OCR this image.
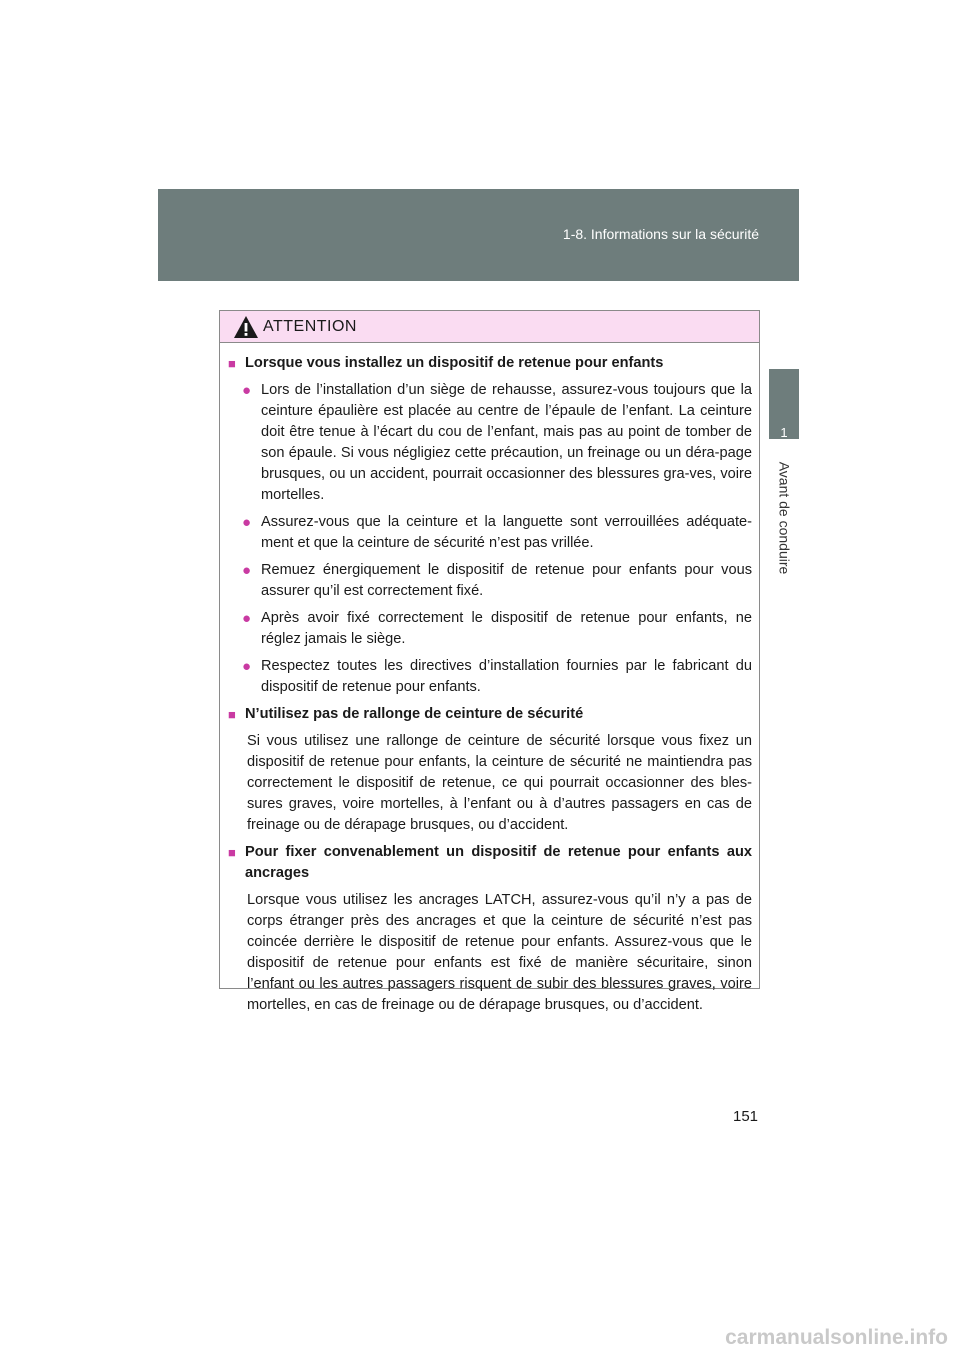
1-8. Informations sur la sécurité
1
Avant de conduire
ATTENTION
■ Lorsque vous installez un dispositif de retenue pour enfants
● Lors de l’installation d’un siège de rehausse, assurez-vous toujours que la ceinture épaulière est placée au centre de l’épaule de l’enfant. La ceinture doit être tenue à l’écart du cou de l’enfant, mais pas au point de tomber de son épaule. Si vous négligiez cette précaution, un freinage ou un déra-page brusques, ou un accident, pourrait occasionner des blessures gra-ves, voire mortelles.
● Assurez-vous que la ceinture et la languette sont verrouillées adéquate-ment et que la ceinture de sécurité n’est pas vrillée.
● Remuez énergiquement le dispositif de retenue pour enfants pour vous assurer qu’il est correctement fixé.
● Après avoir fixé correctement le dispositif de retenue pour enfants, ne réglez jamais le siège.
● Respectez toutes les directives d’installation fournies par le fabricant du dispositif de retenue pour enfants.
■ N’utilisez pas de rallonge de ceinture de sécurité
Si vous utilisez une rallonge de ceinture de sécurité lorsque vous fixez un dispositif de retenue pour enfants, la ceinture de sécurité ne maintiendra pas correctement le dispositif de retenue, ce qui pourrait occasionner des bles-sures graves, voire mortelles, à l’enfant ou à d’autres passagers en cas de freinage ou de dérapage brusques, ou d’accident.
■ Pour fixer convenablement un dispositif de retenue pour enfants aux ancrages
Lorsque vous utilisez les ancrages LATCH, assurez-vous qu’il n’y a pas de corps étranger près des ancrages et que la ceinture de sécurité n’est pas coincée derrière le dispositif de retenue pour enfants. Assurez-vous que le dispositif de retenue pour enfants est fixé de manière sécuritaire, sinon l’enfant ou les autres passagers risquent de subir des blessures graves, voire mortelles, en cas de freinage ou de dérapage brusques, ou d’accident.
151
carmanualsonline.info
